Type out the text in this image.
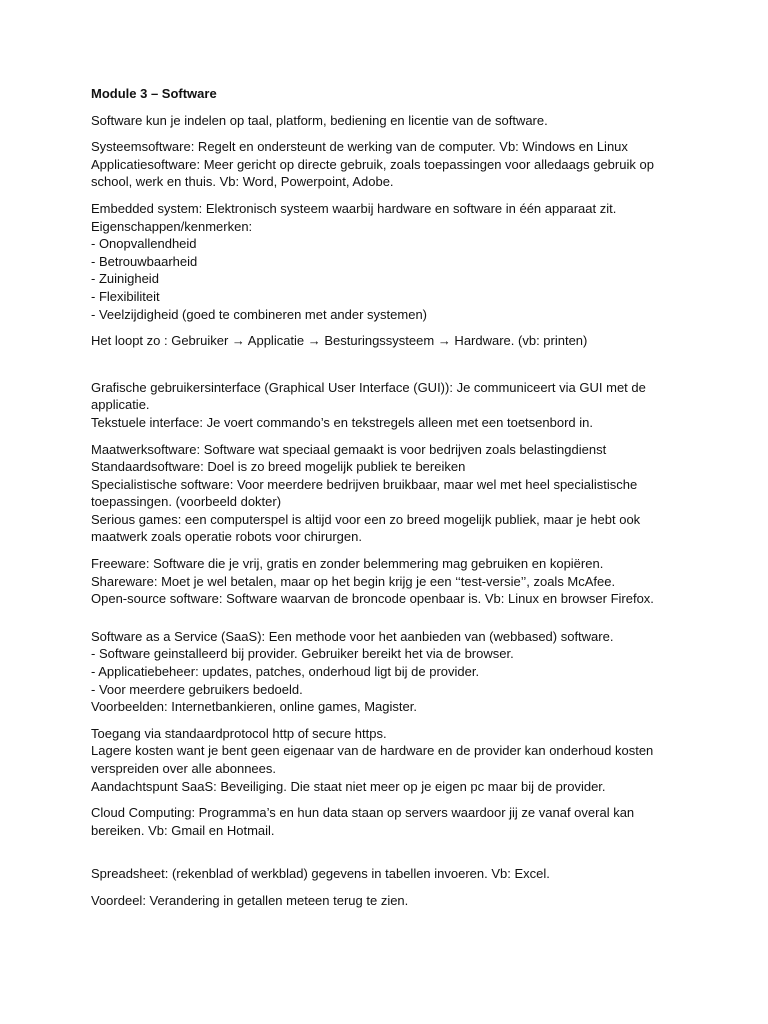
Module 3 – Software

Software kun je indelen op taal, platform, bediening en licentie van de software.

Systeemsoftware: Regelt en ondersteunt de werking van de computer. Vb: Windows en Linux
Applicatiesoftware: Meer gericht op directe gebruik, zoals toepassingen voor alledaags gebruik op
school, werk en thuis. Vb: Word, Powerpoint, Adobe.

Embedded system: Elektronisch systeem waarbij hardware en software in één apparaat zit.
Eigenschappen/kenmerken:
- Onopvallendheid
- Betrouwbaarheid
- Zuinigheid
- Flexibiliteit
- Veelzijdigheid (goed te combineren met ander systemen)

Het loopt zo : Gebruiker → Applicatie → Besturingssysteem → Hardware. (vb: printen)

Grafische gebruikersinterface (Graphical User Interface (GUI)): Je communiceert via GUI met de
applicatie.
Tekstuele interface: Je voert commando’s en tekstregels alleen met een toetsenbord in.

Maatwerksoftware: Software wat speciaal gemaakt is voor bedrijven zoals belastingdienst
Standaardsoftware: Doel is zo breed mogelijk publiek te bereiken
Specialistische software: Voor meerdere bedrijven bruikbaar, maar wel met heel specialistische
toepassingen. (voorbeeld dokter)
Serious games: een computerspel is altijd voor een zo breed mogelijk publiek, maar je hebt ook
maatwerk zoals operatie robots voor chirurgen.

Freeware: Software die je vrij, gratis en zonder belemmering mag gebruiken en kopiëren.
Shareware: Moet je wel betalen, maar op het begin krijg je een ‘‘test-versie’’, zoals McAfee.
Open-source software: Software waarvan de broncode openbaar is. Vb: Linux en browser Firefox.

Software as a Service (SaaS): Een methode voor het aanbieden van (webbased) software.
- Software geinstalleerd bij provider. Gebruiker bereikt het via de browser.
- Applicatiebeheer: updates, patches, onderhoud ligt bij de provider.
- Voor meerdere gebruikers bedoeld.
Voorbeelden: Internetbankieren, online games, Magister.

Toegang via standaardprotocol http of secure https.
Lagere kosten want je bent geen eigenaar van de hardware en de provider kan onderhoud kosten
verspreiden over alle abonnees.
Aandachtspunt SaaS: Beveiliging. Die staat niet meer op je eigen pc maar bij de provider.

Cloud Computing: Programma’s en hun data staan op servers waardoor jij ze vanaf overal kan
bereiken. Vb: Gmail en Hotmail.

Spreadsheet: (rekenblad of werkblad) gegevens in tabellen invoeren. Vb: Excel.

Voordeel: Verandering in getallen meteen terug te zien.
